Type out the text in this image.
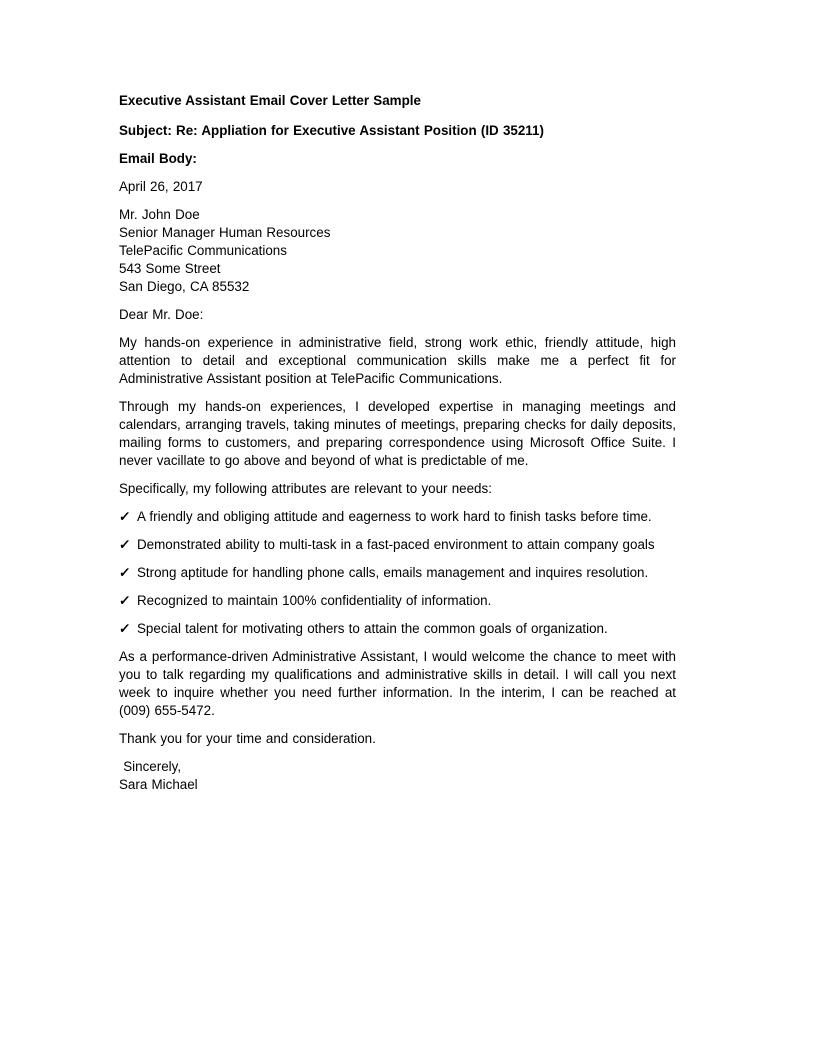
Executive Assistant Email Cover Letter Sample

Subject: Re: Appliation for Executive Assistant Position (ID 35211)

Email Body:

April 26, 2017

Mr. John Doe
Senior Manager Human Resources
TelePacific Communications
543 Some Street
San Diego, CA 85532

Dear Mr. Doe:

My hands-on experience in administrative field, strong work ethic, friendly attitude, high attention to detail and exceptional communication skills make me a perfect fit for Administrative Assistant position at TelePacific Communications.

Through my hands-on experiences, I developed expertise in managing meetings and calendars, arranging travels, taking minutes of meetings, preparing checks for daily deposits, mailing forms to customers, and preparing correspondence using Microsoft Office Suite. I never vacillate to go above and beyond of what is predictable of me.

Specifically, my following attributes are relevant to your needs:

✓ A friendly and obliging attitude and eagerness to work hard to finish tasks before time.
✓ Demonstrated ability to multi-task in a fast-paced environment to attain company goals
✓ Strong aptitude for handling phone calls, emails management and inquires resolution.
✓ Recognized to maintain 100% confidentiality of information.
✓ Special talent for motivating others to attain the common goals of organization.

As a performance-driven Administrative Assistant, I would welcome the chance to meet with you to talk regarding my qualifications and administrative skills in detail. I will call you next week to inquire whether you need further information. In the interim, I can be reached at (009) 655-5472.

Thank you for your time and consideration.

Sincerely,
Sara Michael
